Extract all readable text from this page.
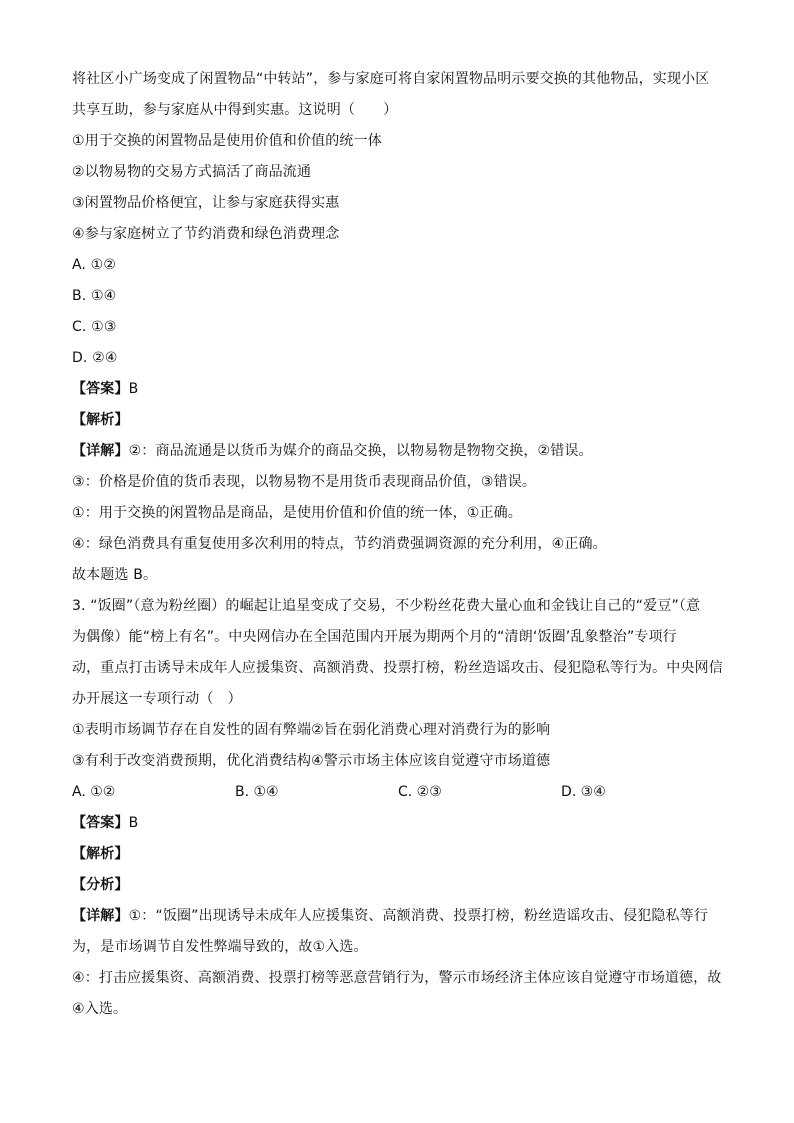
将社区小广场变成了闲置物品“中转站”，参与家庭可将自家闲置物品明示要交换的其他物品，实现小区
共享互助，参与家庭从中得到实惠。这说明（　　）
①用于交换的闲置物品是使用价值和价值的统一体
②以物易物的交易方式搞活了商品流通
③闲置物品价格便宜，让参与家庭获得实惠
④参与家庭树立了节约消费和绿色消费理念
A. ①②
B. ①④
C. ①③
D. ②④
【答案】B
【解析】
【详解】②：商品流通是以货币为媒介的商品交换，以物易物是物物交换，②错误。
③：价格是价值的货币表现，以物易物不是用货币表现商品价值，③错误。
①：用于交换的闲置物品是商品，是使用价值和价值的统一体，①正确。
④：绿色消费具有重复使用多次利用的特点，节约消费强调资源的充分利用，④正确。
故本题选 B。
3. “饭圈”（意为粉丝圈）的崛起让追星变成了交易，不少粉丝花费大量心血和金钱让自己的“爱豆”（意
为偶像）能“榜上有名”。中央网信办在全国范围内开展为期两个月的“清朗‘饭圈’乱象整治”专项行
动，重点打击诱导未成年人应援集资、高额消费、投票打榜，粉丝造谣攻击、侵犯隐私等行为。中央网信
办开展这一专项行动（　）
①表明市场调节存在自发性的固有弊端②旨在弱化消费心理对消费行为的影响
③有利于改变消费预期，优化消费结构④警示市场主体应该自觉遵守市场道德
A. ①②	B. ①④	C. ②③	D. ③④
【答案】B
【解析】
【分析】
【详解】①：“饭圈”出现诱导未成年人应援集资、高额消费、投票打榜，粉丝造谣攻击、侵犯隐私等行
为，是市场调节自发性弊端导致的，故①入选。
④：打击应援集资、高额消费、投票打榜等恶意营销行为，警示市场经济主体应该自觉遵守市场道德，故
④入选。
